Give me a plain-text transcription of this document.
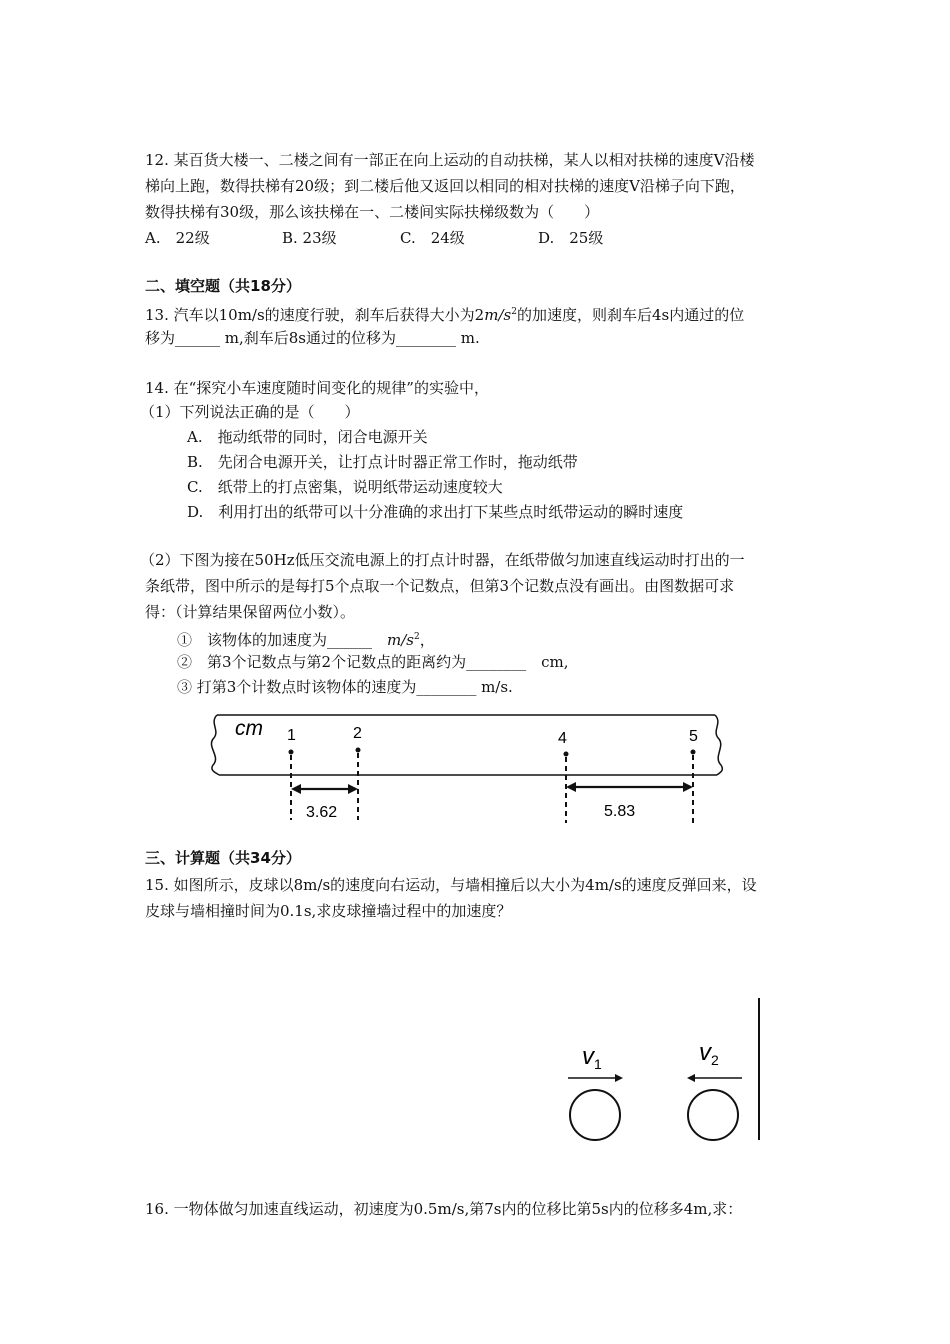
12. 某百货大楼一、二楼之间有一部正在向上运动的自动扶梯，某人以相对扶梯的速度V沿楼
梯向上跑，数得扶梯有20级；到二楼后他又返回以相同的相对扶梯的速度V沿梯子向下跑，
数得扶梯有30级，那么该扶梯在一、二楼间实际扶梯级数为（　　）
A.　22级	B. 23级	C.　24级	D.　25级
二、填空题（共18分）
13. 汽车以10m/s的速度行驶，刹车后获得大小为$2m/s^2$的加速度，则刹车后4s内通过的位
移为______ m,刹车后8s通过的位移为________ m.
14. 在“探究小车速度随时间变化的规律”的实验中，
（1）下列说法正确的是（　　）
A.　拖动纸带的同时，闭合电源开关
B.　先闭合电源开关，让打点计时器正常工作时，拖动纸带
C.　纸带上的打点密集，说明纸带运动速度较大
D.　利用打出的纸带可以十分准确的求出打下某些点时纸带运动的瞬时速度
（2）下图为接在50Hz低压交流电源上的打点计时器，在纸带做匀加速直线运动时打出的一
条纸带，图中所示的是每打5个点取一个记数点，但第3个记数点没有画出。由图数据可求
得：（计算结果保留两位小数）。
①　该物体的加速度为______　$m/s^2$，
②　第3个记数点与第2个记数点的距离约为________　cm,
③ 打第3个计数点时该物体的速度为________ m/s.
cm 1	2	4	5
3.62	5.83
三、计算题（共34分）
15. 如图所示，皮球以8m/s的速度向右运动，与墙相撞后以大小为4m/s的速度反弹回来，设
皮球与墙相撞时间为0.1s,求皮球撞墙过程中的加速度？
$v_1$	$v_2$
16. 一物体做匀加速直线运动，初速度为0.5m/s,第7s内的位移比第5s内的位移多4m,求：
